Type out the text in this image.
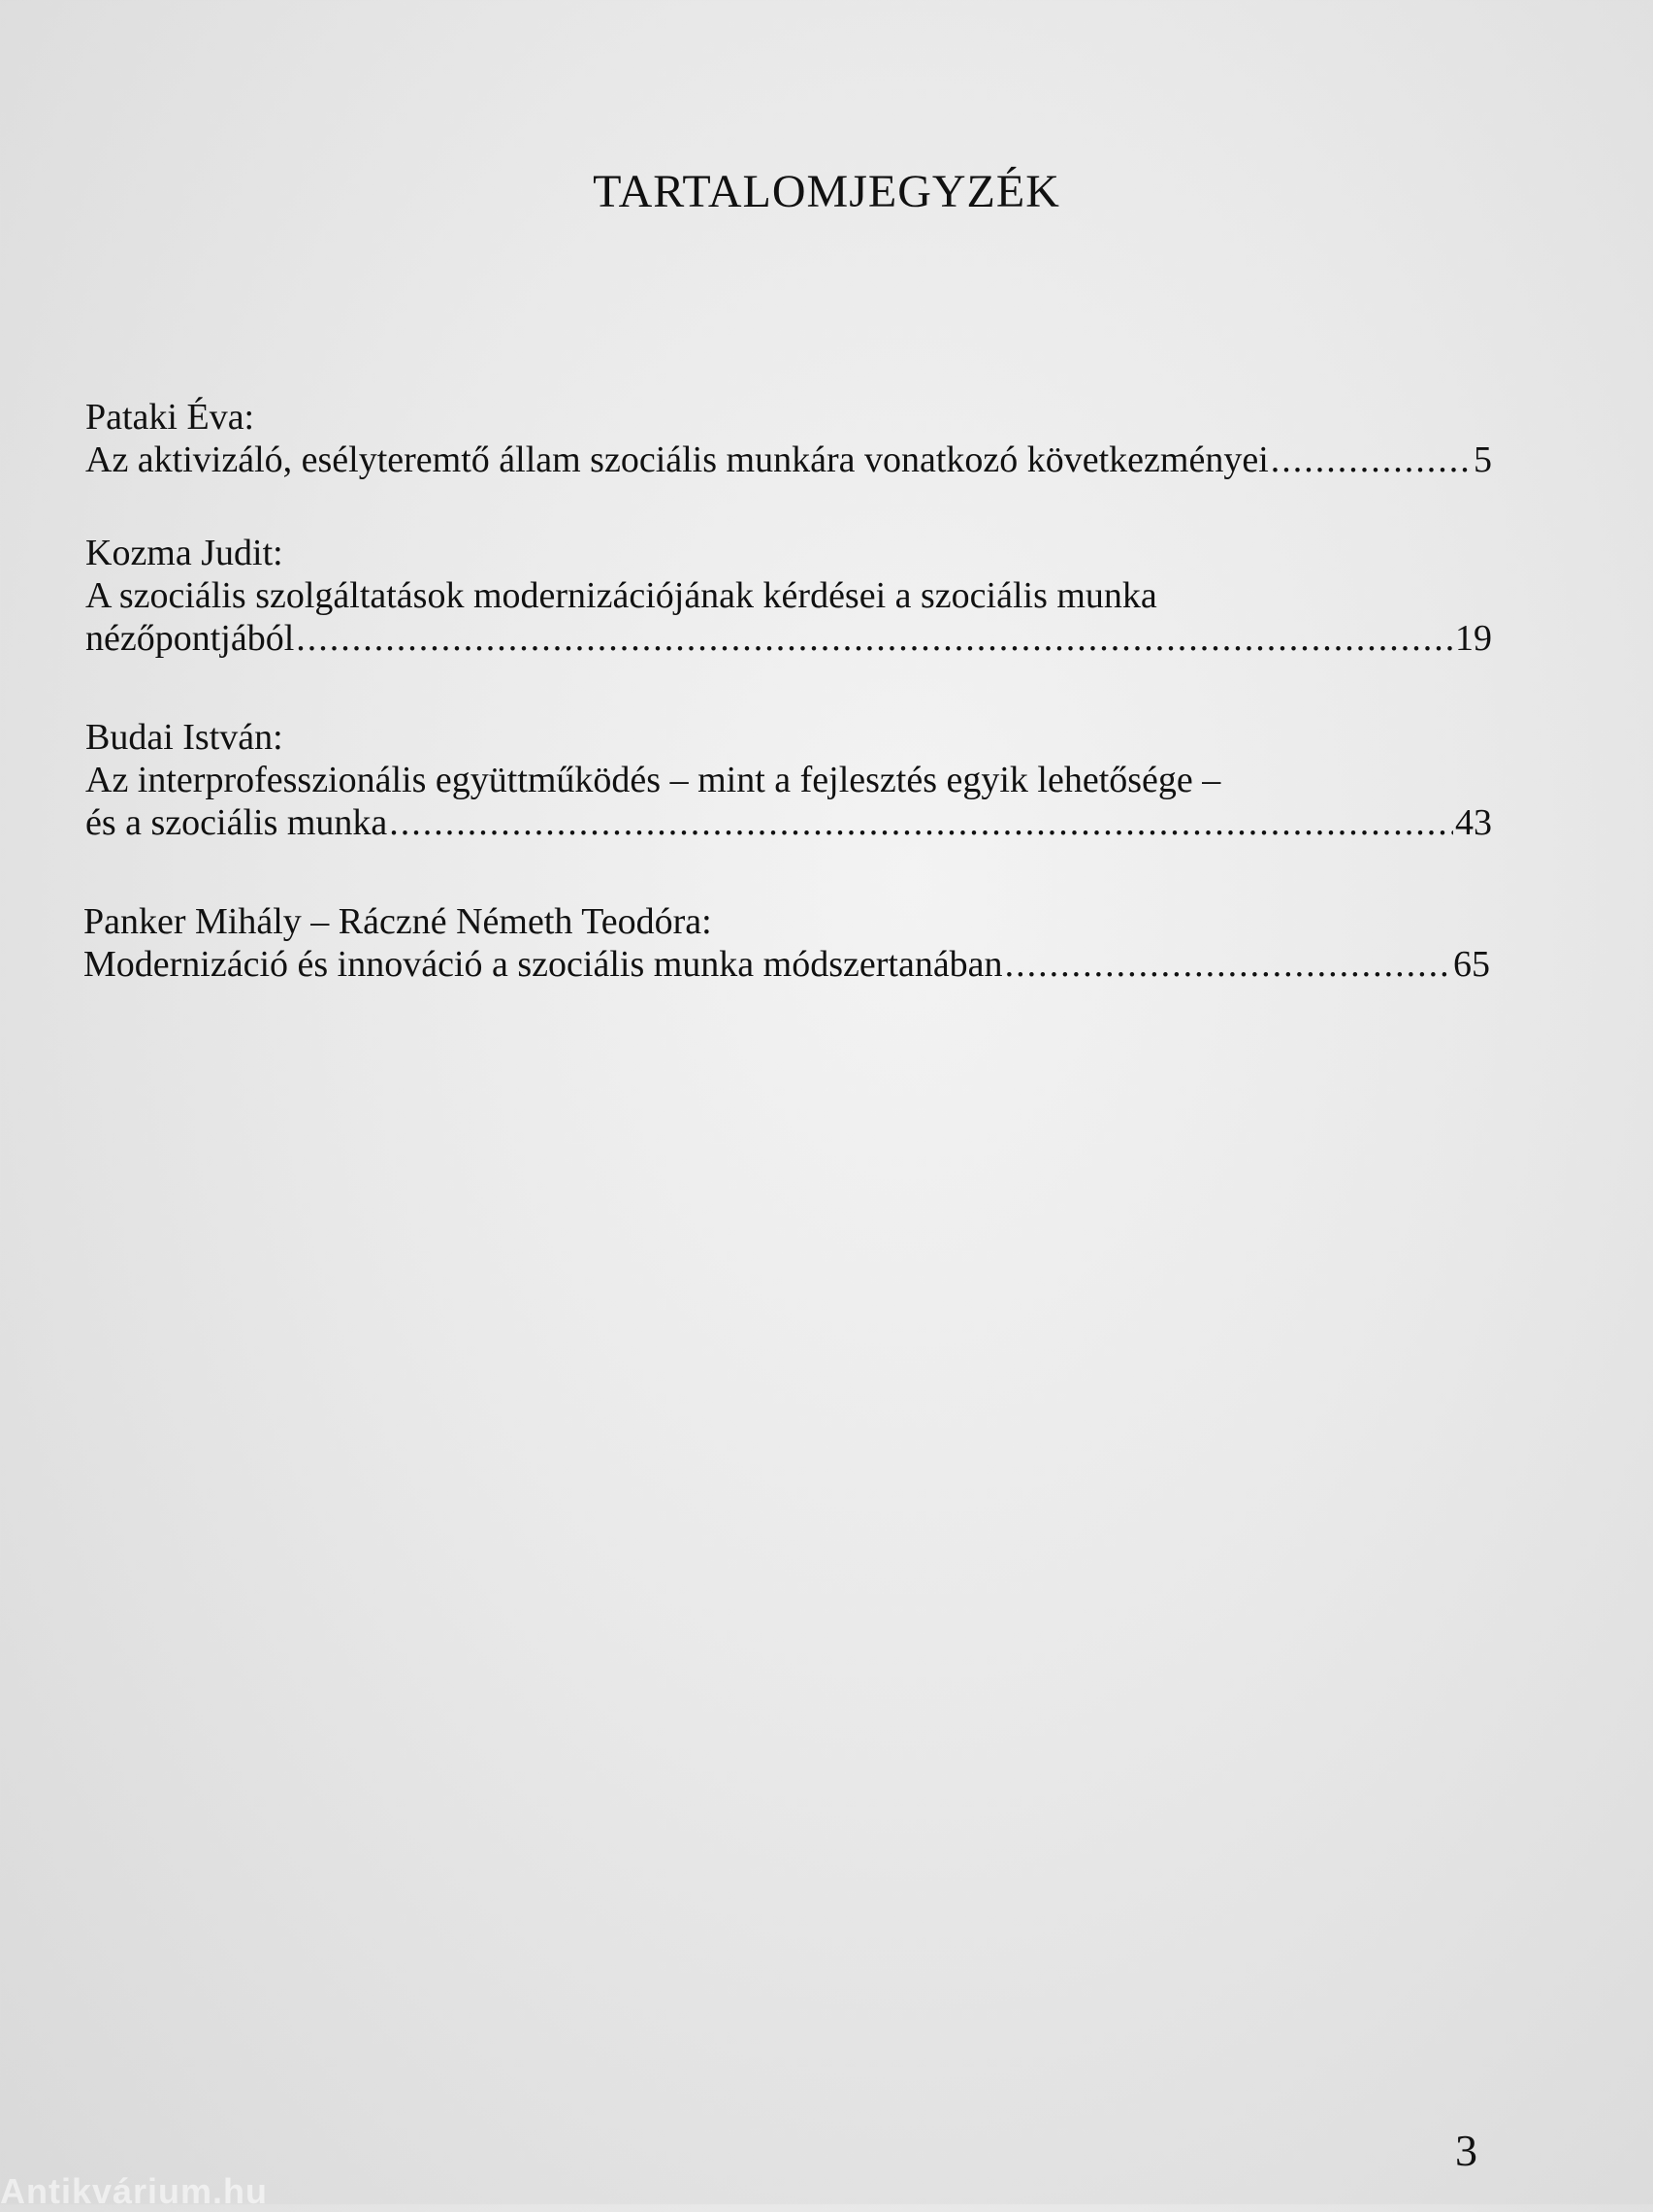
TARTALOMJEGYZÉK

Pataki Éva:

Az aktivizáló, esélyteremtő állam szociális munkára vonatkozó következményei .....	5

Kozma Judit:

A szociális szolgáltatások modernizációjának kérdései a szociális munka

nézőpontjából .....	19

Budai István:

Az interprofesszionális együttműködés – mint a fejlesztés egyik lehetősége –

és a szociális munka .....	43

Panker Mihály – Ráczné Németh Teodóra:

Modernizáció és innováció a szociális munka módszertanában .....	65
3
Antikvárium.hu
